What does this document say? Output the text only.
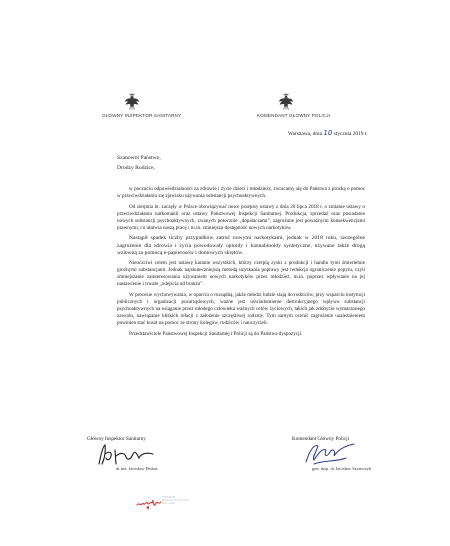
GŁÓWNY INSPEKTOR SANITARNY	KOMENDANT GŁÓWNY POLICJI
Warszawa, dnia 10 stycznia 2019 r.
Szanowni Państwo,
Drodzy Rodzice,

w poczuciu odpowiedzialności za zdrowie i życie dzieci i młodzieży, zwracamy się do Państwa z prośbą o pomoc w przeciwdziałaniu się zjawisku używania substancji psychoaktywnych.

Od sierpnia br. zaczęły w Polsce obowiązywać nowe przepisy ustawy z dnia 20 lipca 2018 r. o zmianie ustawy o przeciwdziałaniu narkomanii oraz ustawy Państwowej Inspekcji Sanitarnej. Produkcja, sprzedaż oraz posiadanie nowych substancji psychoaktywnych, zwanych potocznie „dopalaczami”, zagrożone jest poważnymi konsekwencjami prawnymi, co ułatwia naszą pracę i m.in. zmniejsza dostępność nowych narkotyków.

Nastąpił spadek liczby przypadków zatruć nowymi narkotykami, jednak w 2018 roku, szczególne zagrożenie dla zdrowia i życia powodowały opioidy i kannabinoidy syntetyczne, używane także drogą wziewną za pomocą e-papierosów i domowych skrętów.

Nieuczciwi celem jest ustawę karanie wszystkich, którzy czerpią zyski z produkcji i handlu tymi śmiertelnie groźnymi substancjami. Jednak najskuteczniejszą metodą uzyskania poprawy jest redukcja ograniczenie popytu, czyli zmniejszanie zainteresowania używaniem nowych narkotyków przez młodzież, m.in. poprzez wpływanie na jej nastawienie i trwałe „odejścia od branżu”.

W procesie wychowywania, w oparciu o rozsądną, jakże młodzi ludzie stają do rodziców, przy wsparciu instytucji publicznych i organizacji pozarządowych, ważne jest uświadomienie destrukcyjnego wpływu substancji psychoaktywnych na osiąganie przez młodego człowieka ważnych celów życiowych, takich jak zdobycie wymarzonego zawodu, nawiązanie bliskich relacji z założenie szczęśliwej rodziny. Tym samym ocenić zagrożenie uzależnieniem powinien stać kuszt na pomoc ze strony kolegów, rodziców i nauczycieli.

Przedstawiciele Państwowej Inspekcji Sanitarnej i Policji są do Państwa dyspozycji.

Główny Inspektor Sanitarny
dr inż. Jarosław Pinkas
Komendant Główny Policji
gen. insp. dr Jarosław Szymczyk
PROGRAM
WIELOLETNI NA LATA
2017–2022
